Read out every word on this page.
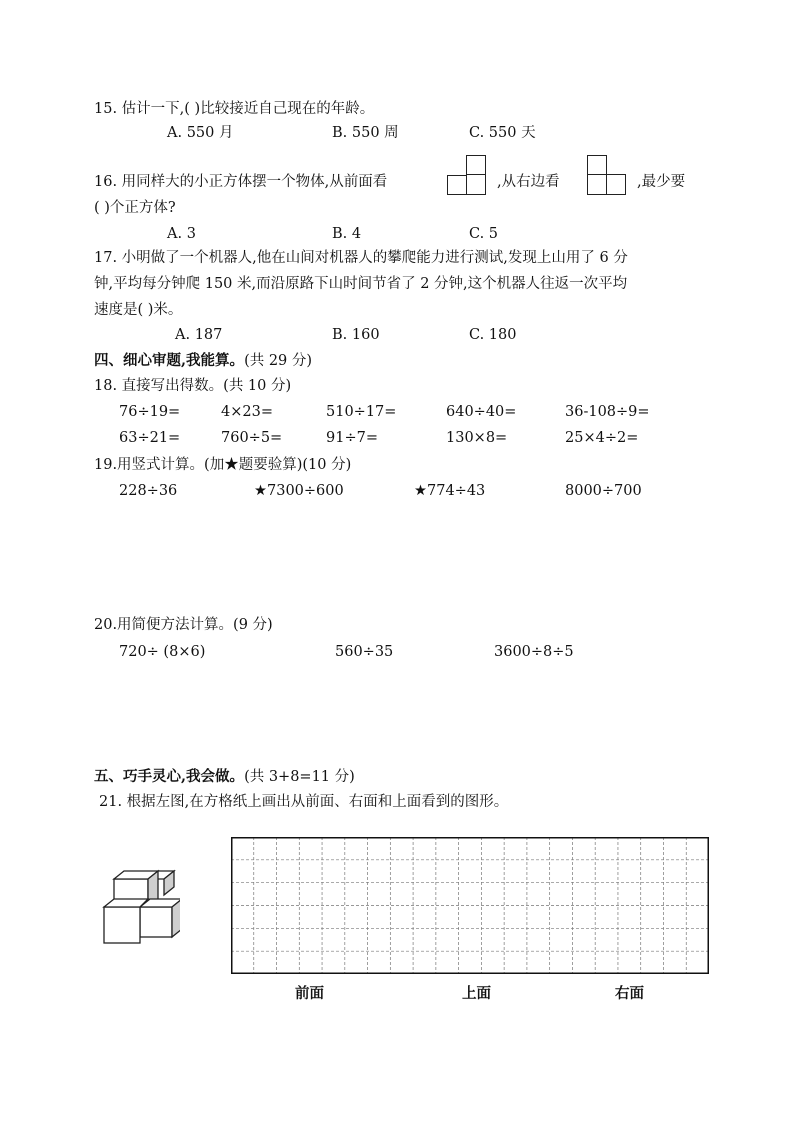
15. 估计一下,( )比较接近自己现在的年龄。
A. 550 月	B. 550 周	C. 550 天
16. 用同样大的小正方体摆一个物体,从前面看	,从右边看	,最少要
( )个正方体?
A. 3	B. 4	C. 5
17. 小明做了一个机器人,他在山间对机器人的攀爬能力进行测试,发现上山用了 6 分
钟,平均每分钟爬 150 米,而沿原路下山时间节省了 2 分钟,这个机器人往返一次平均
速度是( )米。
A. 187	B. 160	C. 180
四、细心审题,我能算。(共 29 分)
18. 直接写出得数。(共 10 分)
76÷19=	4×23=	510÷17=	640÷40=	36-108÷9=
63÷21=	760÷5=	91÷7=	130×8=	25×4÷2=
19.用竖式计算。(加★题要验算)(10 分)
228÷36	★7300÷600	★774÷43	8000÷700
20.用简便方法计算。(9 分)
720÷ (8×6)	560÷35	3600÷8÷5
五、巧手灵心,我会做。(共 3+8=11 分)
21. 根据左图,在方格纸上画出从前面、右面和上面看到的图形。
前面	上面	右面
